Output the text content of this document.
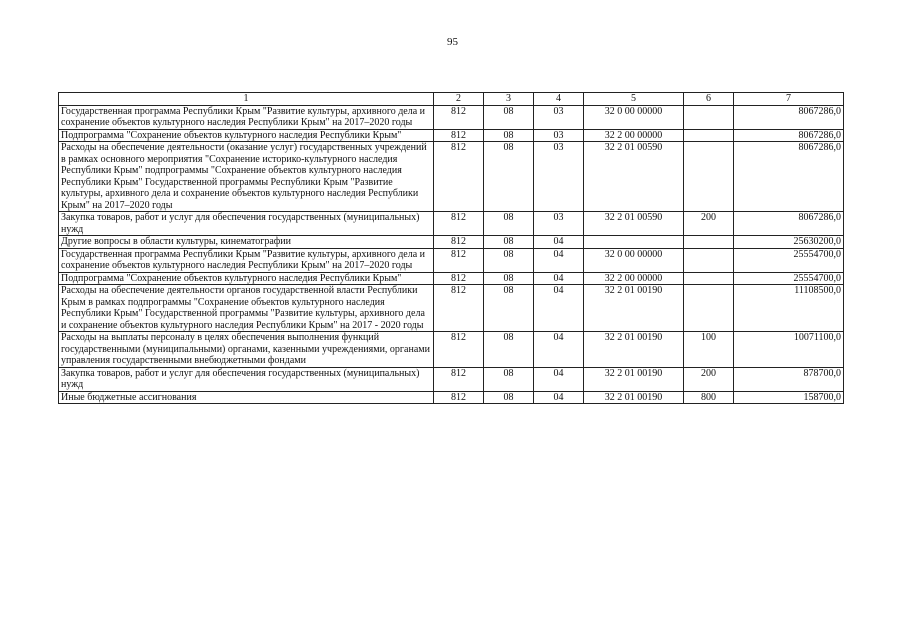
95
1	2	3	4	5	6	7
Государственная программа Республики Крым "Развитие культуры, архивного дела и сохранение объектов культурного наследия Республики Крым" на 2017–2020 годы	812	08	03	32 0 00 00000		8067286,0
Подпрограмма "Сохранение объектов культурного наследия Республики Крым"	812	08	03	32 2 00 00000		8067286,0
Расходы на обеспечение деятельности (оказание услуг) государственных учреждений в рамках основного мероприятия "Сохранение историко-культурного наследия Республики Крым" подпрограммы "Сохранение объектов культурного наследия Республики Крым" Государственной программы Республики Крым "Развитие культуры, архивного дела и сохранение объектов культурного наследия Республики Крым" на 2017–2020 годы	812	08	03	32 2 01 00590		8067286,0
Закупка товаров, работ и услуг для обеспечения государственных (муниципальных) нужд	812	08	03	32 2 01 00590	200	8067286,0
Другие вопросы в области культуры, кинематографии	812	08	04			25630200,0
Государственная программа Республики Крым "Развитие культуры, архивного дела и сохранение объектов культурного наследия Республики Крым" на 2017–2020 годы	812	08	04	32 0 00 00000		25554700,0
Подпрограмма "Сохранение объектов культурного наследия Республики Крым"	812	08	04	32 2 00 00000		25554700,0
Расходы на обеспечение деятельности органов государственной власти Республики Крым в рамках подпрограммы "Сохранение объектов культурного наследия Республики Крым" Государственной программы "Развитие культуры, архивного дела и сохранение объектов культурного наследия Республики Крым" на 2017 - 2020 годы	812	08	04	32 2 01 00190		11108500,0
Расходы на выплаты персоналу в целях обеспечения выполнения функций государственными (муниципальными) органами, казенными учреждениями, органами управления государственными внебюджетными фондами	812	08	04	32 2 01 00190	100	10071100,0
Закупка товаров, работ и услуг для обеспечения государственных (муниципальных) нужд	812	08	04	32 2 01 00190	200	878700,0
Иные бюджетные ассигнования	812	08	04	32 2 01 00190	800	158700,0
